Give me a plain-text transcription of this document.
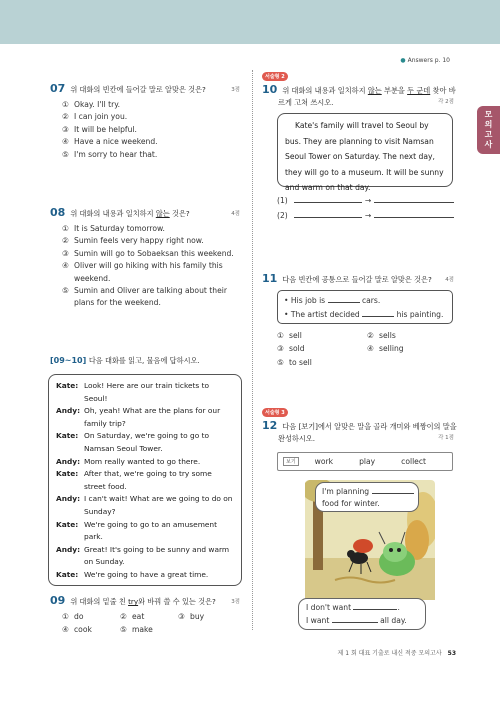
● Answers p. 10
모의고사
07 위 대화의 빈칸에 들어갈 말로 알맞은 것은?	3점
① Okay. I'll try.
② I can join you.
③ It will be helpful.
④ Have a nice weekend.
⑤ I'm sorry to hear that.
08 위 대화의 내용과 일치하지 않는 것은?	4점
① It is Saturday tomorrow.
② Sumin feels very happy right now.
③ Sumin will go to Sobaeksan this weekend.
④ Oliver will go hiking with his family this weekend.
⑤ Sumin and Oliver are talking about their plans for the weekend.
[09~10] 다음 대화를 읽고, 물음에 답하시오.
Kate: Look! Here are our train tickets to Seoul!
Andy: Oh, yeah! What are the plans for our family trip?
Kate: On Saturday, we're going to go to Namsan Seoul Tower.
Andy: Mom really wanted to go there.
Kate: After that, we're going to try some street food.
Andy: I can't wait! What are we going to do on Sunday?
Kate: We're going to go to an amusement park.
Andy: Great! It's going to be sunny and warm on Sunday.
Kate: We're going to have a great time.
09 위 대화의 밑줄 친 try와 바꿔 쓸 수 있는 것은?	3점
① do	② eat	③ buy
④ cook	⑤ make
서술형 2
10 위 대화의 내용과 일치하지 않는 부분을 두 군데 찾아 바
르게 고쳐 쓰시오.	각 2점

Kate's family will travel to Seoul by bus. They are planning to visit Namsan Seoul Tower on Saturday. The next day, they will go to a museum. It will be sunny and warm on that day.

(1)	→
(2)	→
11 다음 빈칸에 공통으로 들어갈 말로 알맞은 것은? 4점
• His job is	cars.
• The artist decided	his painting.
① sell	② sells
③ sold	④ selling
⑤ to sell
서술형 3
12 다음 [보기]에서 알맞은 말을 골라 개미와 베짱이의 말을
완성하시오.	각 1점
보기	work	play	collect
I'm planning
food for winter.
I don't want	.
I want	all day.
제 1 회 대표 기출로 내신 적중 모의고사 53
